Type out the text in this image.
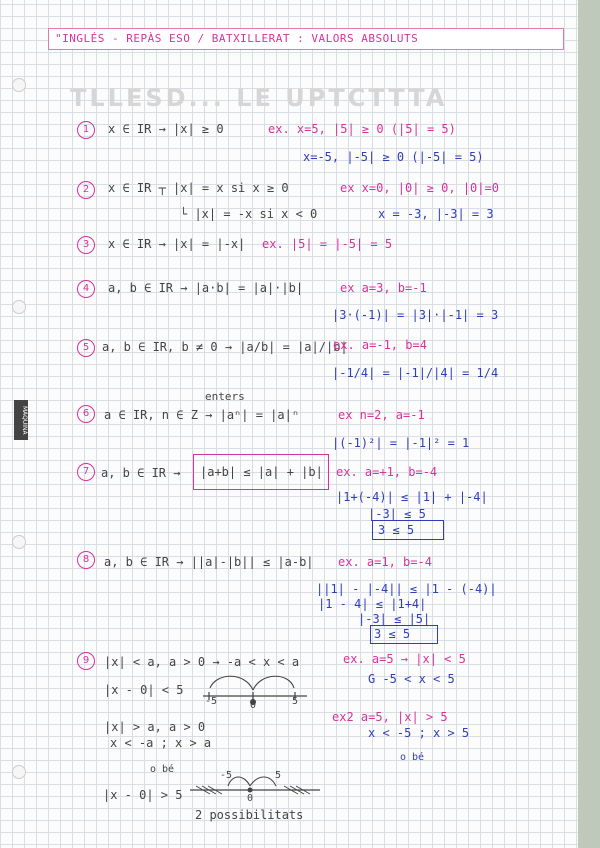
MAQUINA
"INGLÉS - REPÀS ESO / BATXILLERAT : VALORS ABSOLUTS
TLLESD... LE UPTCTTTA
1	x ∈ IR → |x| ≥ 0	ex. x=5, |5| ≥ 0 (|5| = 5)
x=-5, |-5| ≥ 0 (|-5| = 5)
2	x ∈ IR ┬ |x| = x si x ≥ 0
└ |x| = -x si x < 0
ex x=0, |0| ≥ 0, |0|=0
x = -3, |-3| = 3
3	x ∈ IR → |x| = |-x| ex. |5| = |-5| = 5
4	a, b ∈ IR → |a·b| = |a|·|b|	ex a=3, b=-1
|3·(-1)| = |3|·|-1| = 3
5	a, b ∈ IR, b ≠ 0 → |a/b| = |a|/|b|
ex. a=-1, b=4
|-1/4| = |-1|/|4| = 1/4
enters
6	a ∈ IR, n ∈ Z → |aⁿ| = |a|ⁿ	ex n=2, a=-1
|(-1)²| = |-1|² = 1
7 a, b ∈ IR → |a+b| ≤ |a| + |b| ex. a=+1, b=-4
|1+(-4)| ≤ |1| + |-4|
|-3| ≤ 5
3 ≤ 5
8	a, b ∈ IR → ||a|-|b|| ≤ |a-b| ex. a=1, b=-4
||1| - |-4|| ≤ |1 - (-4)|
|1 - 4| ≤ |1+4|
|-3| ≤ |5|
3 ≤ 5
9	|x| < a, a > 0 → -a < x < a	ex. a=5 → |x| < 5
G -5 < x < 5
|x - 0| < 5
-5	0	5
|x| > a, a > 0
x < -a ; x > a
o bé
|x - 0| > 5
-5
0
5
2 possibilitats
ex2 a=5, |x| > 5
x < -5 ; x > 5
o bé
